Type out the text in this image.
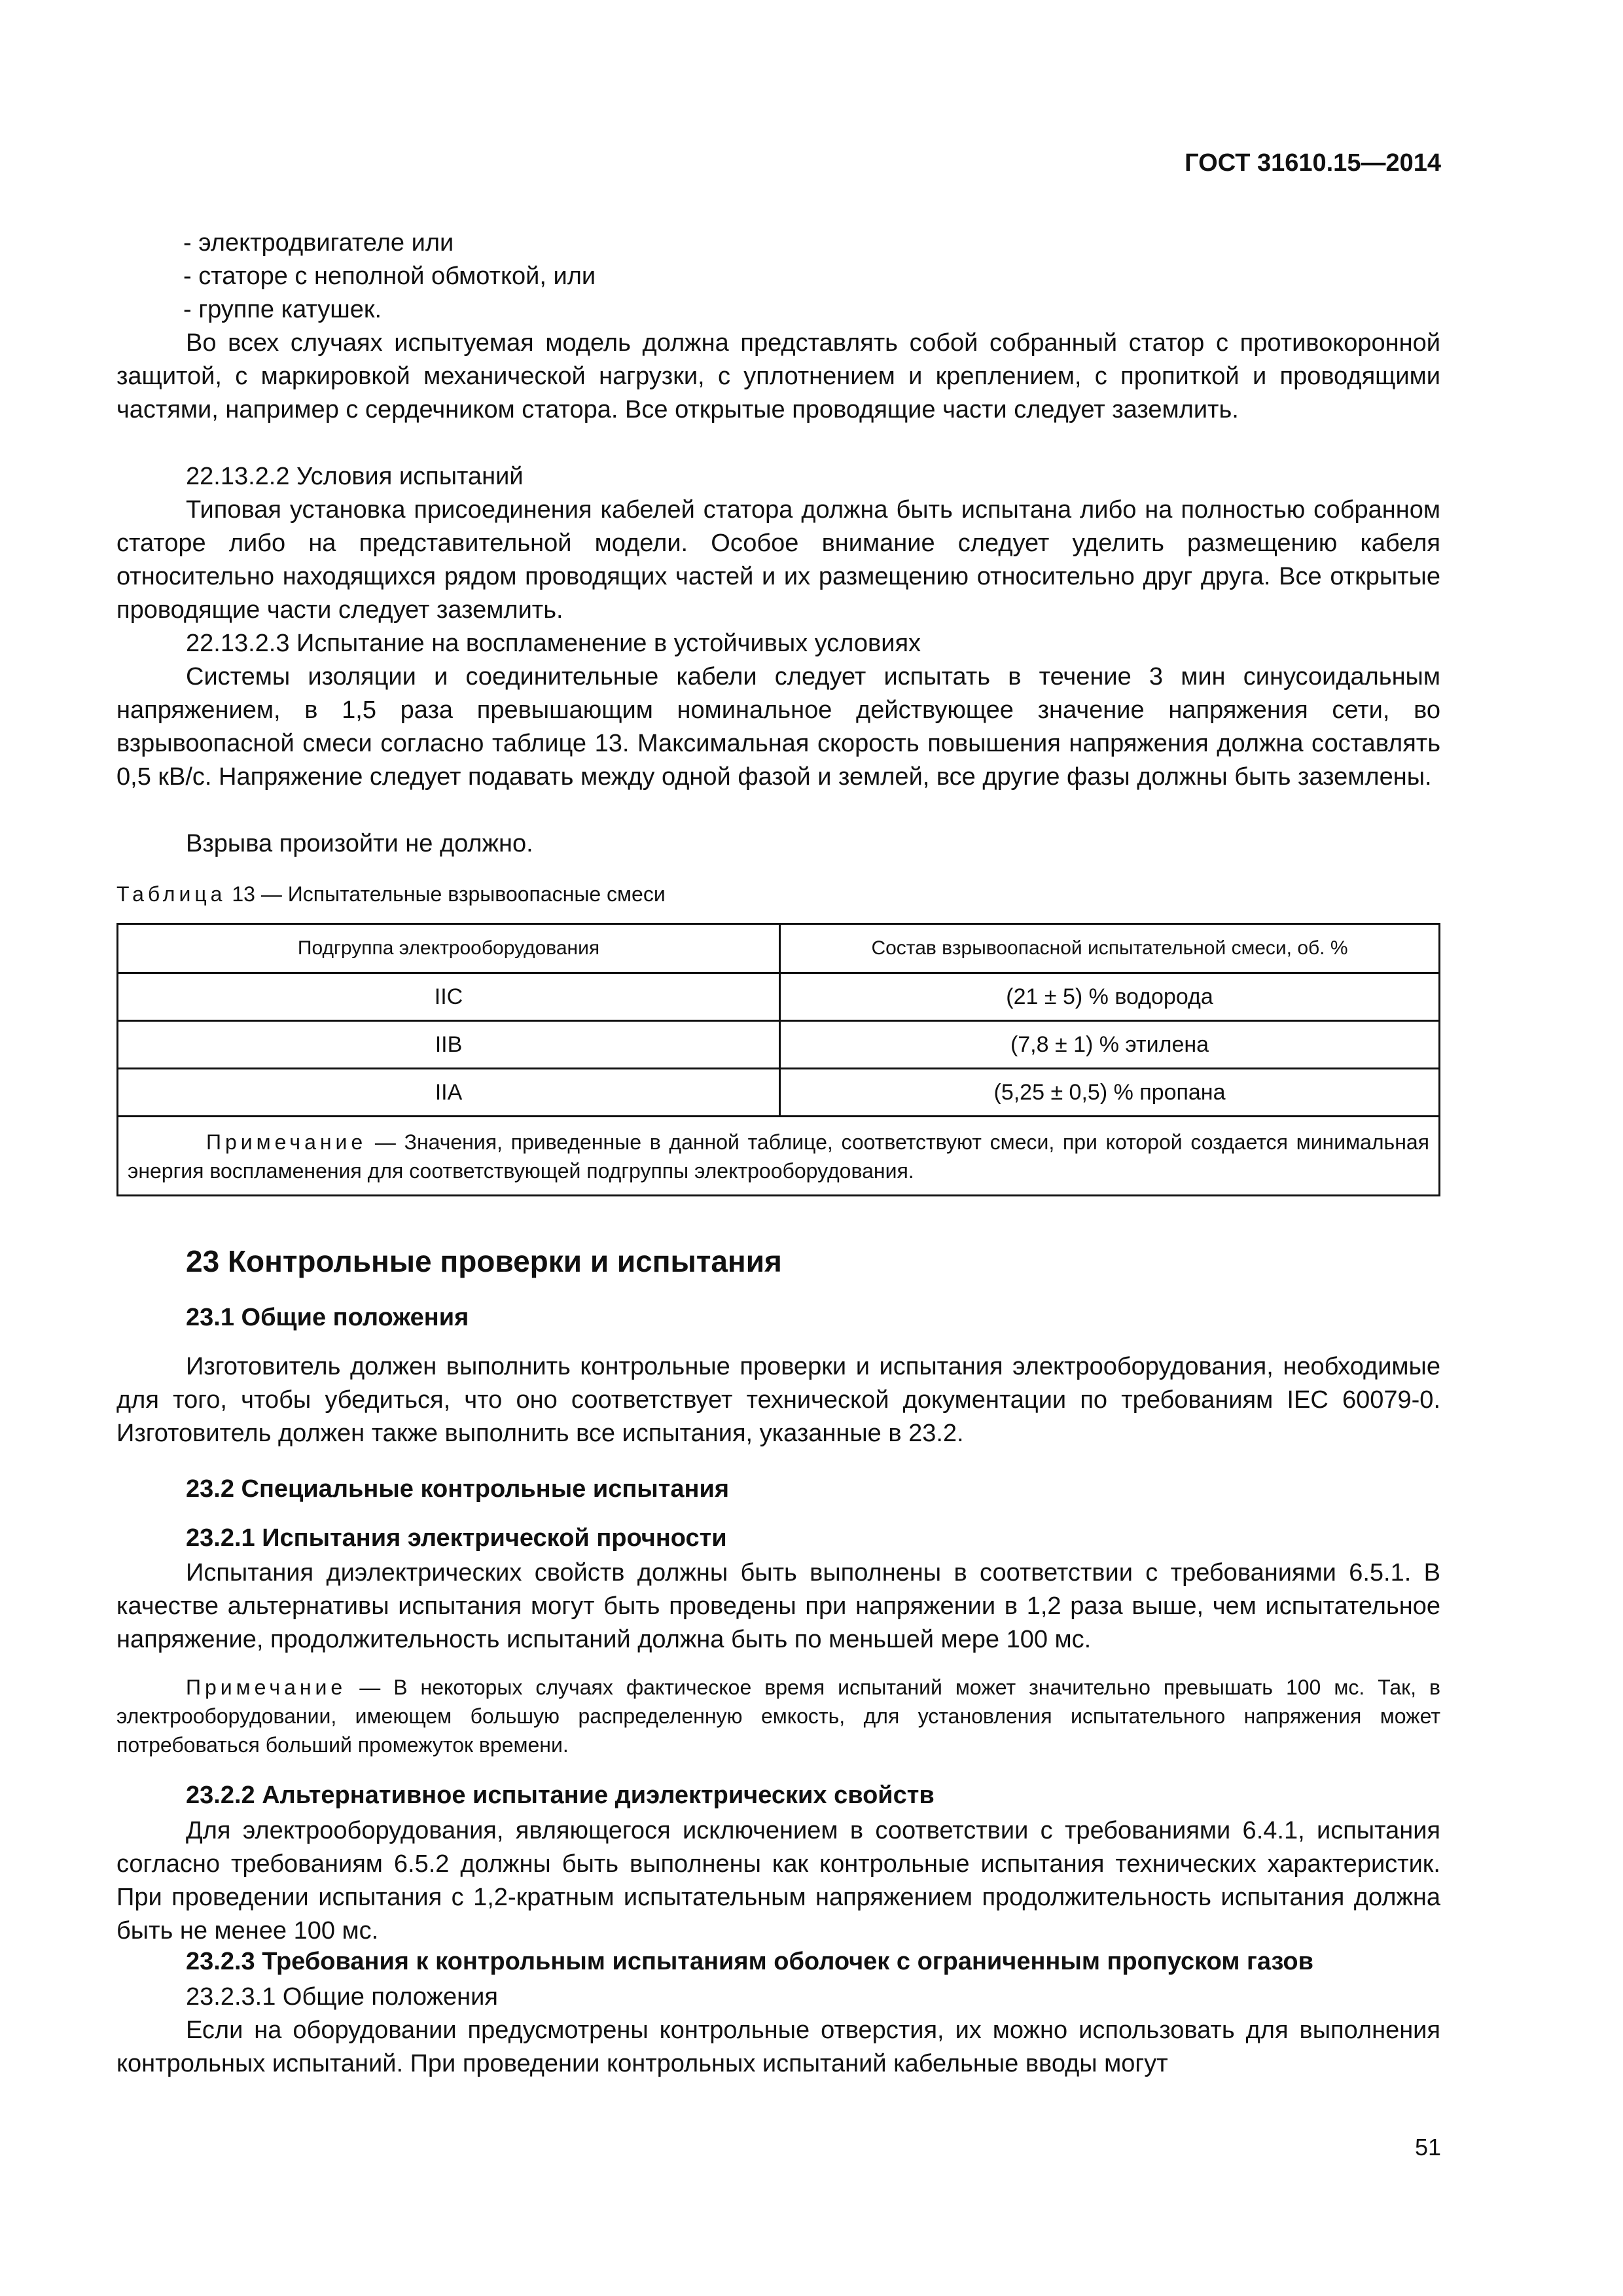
ГОСТ 31610.15—2014

- электродвигателе или

- статоре с неполной обмоткой, или

- группе катушек.

Во всех случаях испытуемая модель должна представлять собой собранный статор с противокоронной защитой, с маркировкой механической нагрузки, с уплотнением и креплением, с пропиткой и проводящими частями, например с сердечником статора. Все открытые проводящие части следует заземлить.

22.13.2.2 Условия испытаний

Типовая установка присоединения кабелей статора должна быть испытана либо на полностью собранном статоре либо на представительной модели. Особое внимание следует уделить размещению кабеля относительно находящихся рядом проводящих частей и их размещению относительно друг друга. Все открытые проводящие части следует заземлить.

22.13.2.3 Испытание на воспламенение в устойчивых условиях

Системы изоляции и соединительные кабели следует испытать в течение 3 мин синусоидальным напряжением, в 1,5 раза превышающим номинальное действующее значение напряжения сети, во взрывоопасной смеси согласно таблице 13. Максимальная скорость повышения напряжения должна составлять 0,5 кВ/с. Напряжение следует подавать между одной фазой и землей, все другие фазы должны быть заземлены.

Взрыва произойти не должно.

Таблица 13 — Испытательные взрывоопасные смеси

Подгруппа электрооборудования	Состав взрывоопасной испытательной смеси, об. %
IIC	(21 ± 5) % водорода
IIB	(7,8 ± 1) % этилена
IIA	(5,25 ± 0,5) % пропана
Примечание — Значения, приведенные в данной таблице, соответствуют смеси, при которой создается минимальная энергия воспламенения для соответствующей подгруппы электрооборудования.	

23 Контрольные проверки и испытания

23.1 Общие положения

Изготовитель должен выполнить контрольные проверки и испытания электрооборудования, необходимые для того, чтобы убедиться, что оно соответствует технической документации по требованиям IEC 60079-0. Изготовитель должен также выполнить все испытания, указанные в 23.2.

23.2 Специальные контрольные испытания

23.2.1 Испытания электрической прочности

Испытания диэлектрических свойств должны быть выполнены в соответствии с требованиями 6.5.1. В качестве альтернативы испытания могут быть проведены при напряжении в 1,2 раза выше, чем испытательное напряжение, продолжительность испытаний должна быть по меньшей мере 100 мс.

Примечание — В некоторых случаях фактическое время испытаний может значительно превышать 100 мс. Так, в электрооборудовании, имеющем большую распределенную емкость, для установления испытательного напряжения может потребоваться больший промежуток времени.

23.2.2 Альтернативное испытание диэлектрических свойств

Для электрооборудования, являющегося исключением в соответствии с требованиями 6.4.1, испытания согласно требованиям 6.5.2 должны быть выполнены как контрольные испытания технических характеристик. При проведении испытания с 1,2-кратным испытательным напряжением продолжительность испытания должна быть не менее 100 мс.

23.2.3 Требования к контрольным испытаниям оболочек с ограниченным пропуском газов

23.2.3.1 Общие положения

Если на оборудовании предусмотрены контрольные отверстия, их можно использовать для выполнения контрольных испытаний. При проведении контрольных испытаний кабельные вводы могут

51
